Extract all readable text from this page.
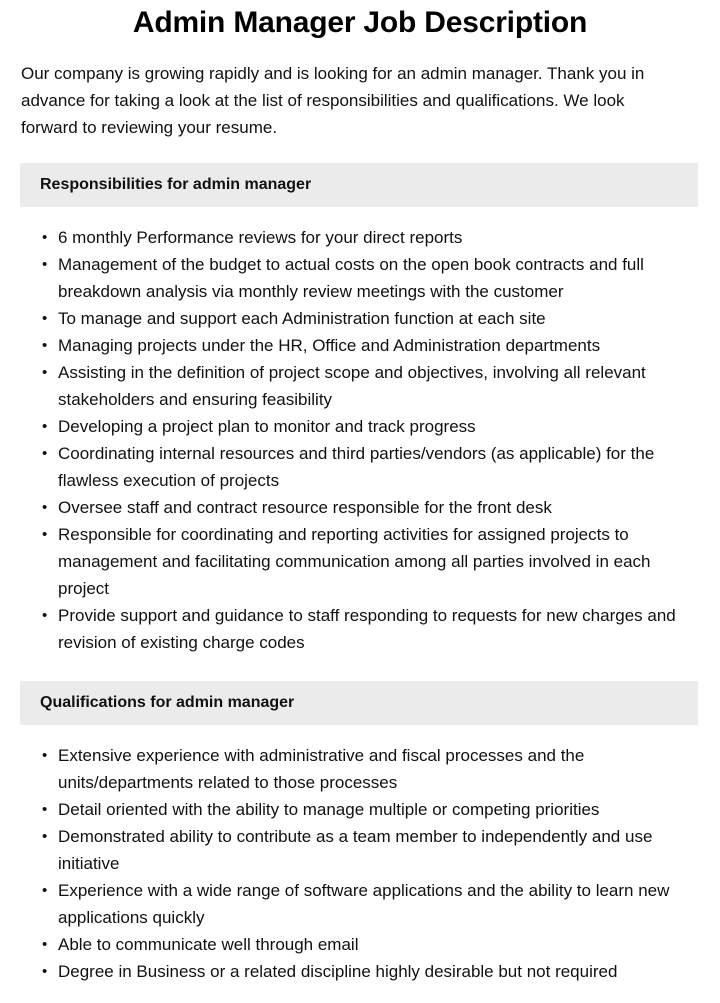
Admin Manager Job Description

Our company is growing rapidly and is looking for an admin manager. Thank you in advance for taking a look at the list of responsibilities and qualifications. We look forward to reviewing your resume.

Responsibilities for admin manager
• 6 monthly Performance reviews for your direct reports
• Management of the budget to actual costs on the open book contracts and full breakdown analysis via monthly review meetings with the customer
• To manage and support each Administration function at each site
• Managing projects under the HR, Office and Administration departments
• Assisting in the definition of project scope and objectives, involving all relevant stakeholders and ensuring feasibility
• Developing a project plan to monitor and track progress
• Coordinating internal resources and third parties/vendors (as applicable) for the flawless execution of projects
• Oversee staff and contract resource responsible for the front desk
• Responsible for coordinating and reporting activities for assigned projects to management and facilitating communication among all parties involved in each project
• Provide support and guidance to staff responding to requests for new charges and revision of existing charge codes
Qualifications for admin manager
• Extensive experience with administrative and fiscal processes and the units/departments related to those processes
• Detail oriented with the ability to manage multiple or competing priorities
• Demonstrated ability to contribute as a team member to independently and use initiative
• Experience with a wide range of software applications and the ability to learn new applications quickly
• Able to communicate well through email
• Degree in Business or a related discipline highly desirable but not required
